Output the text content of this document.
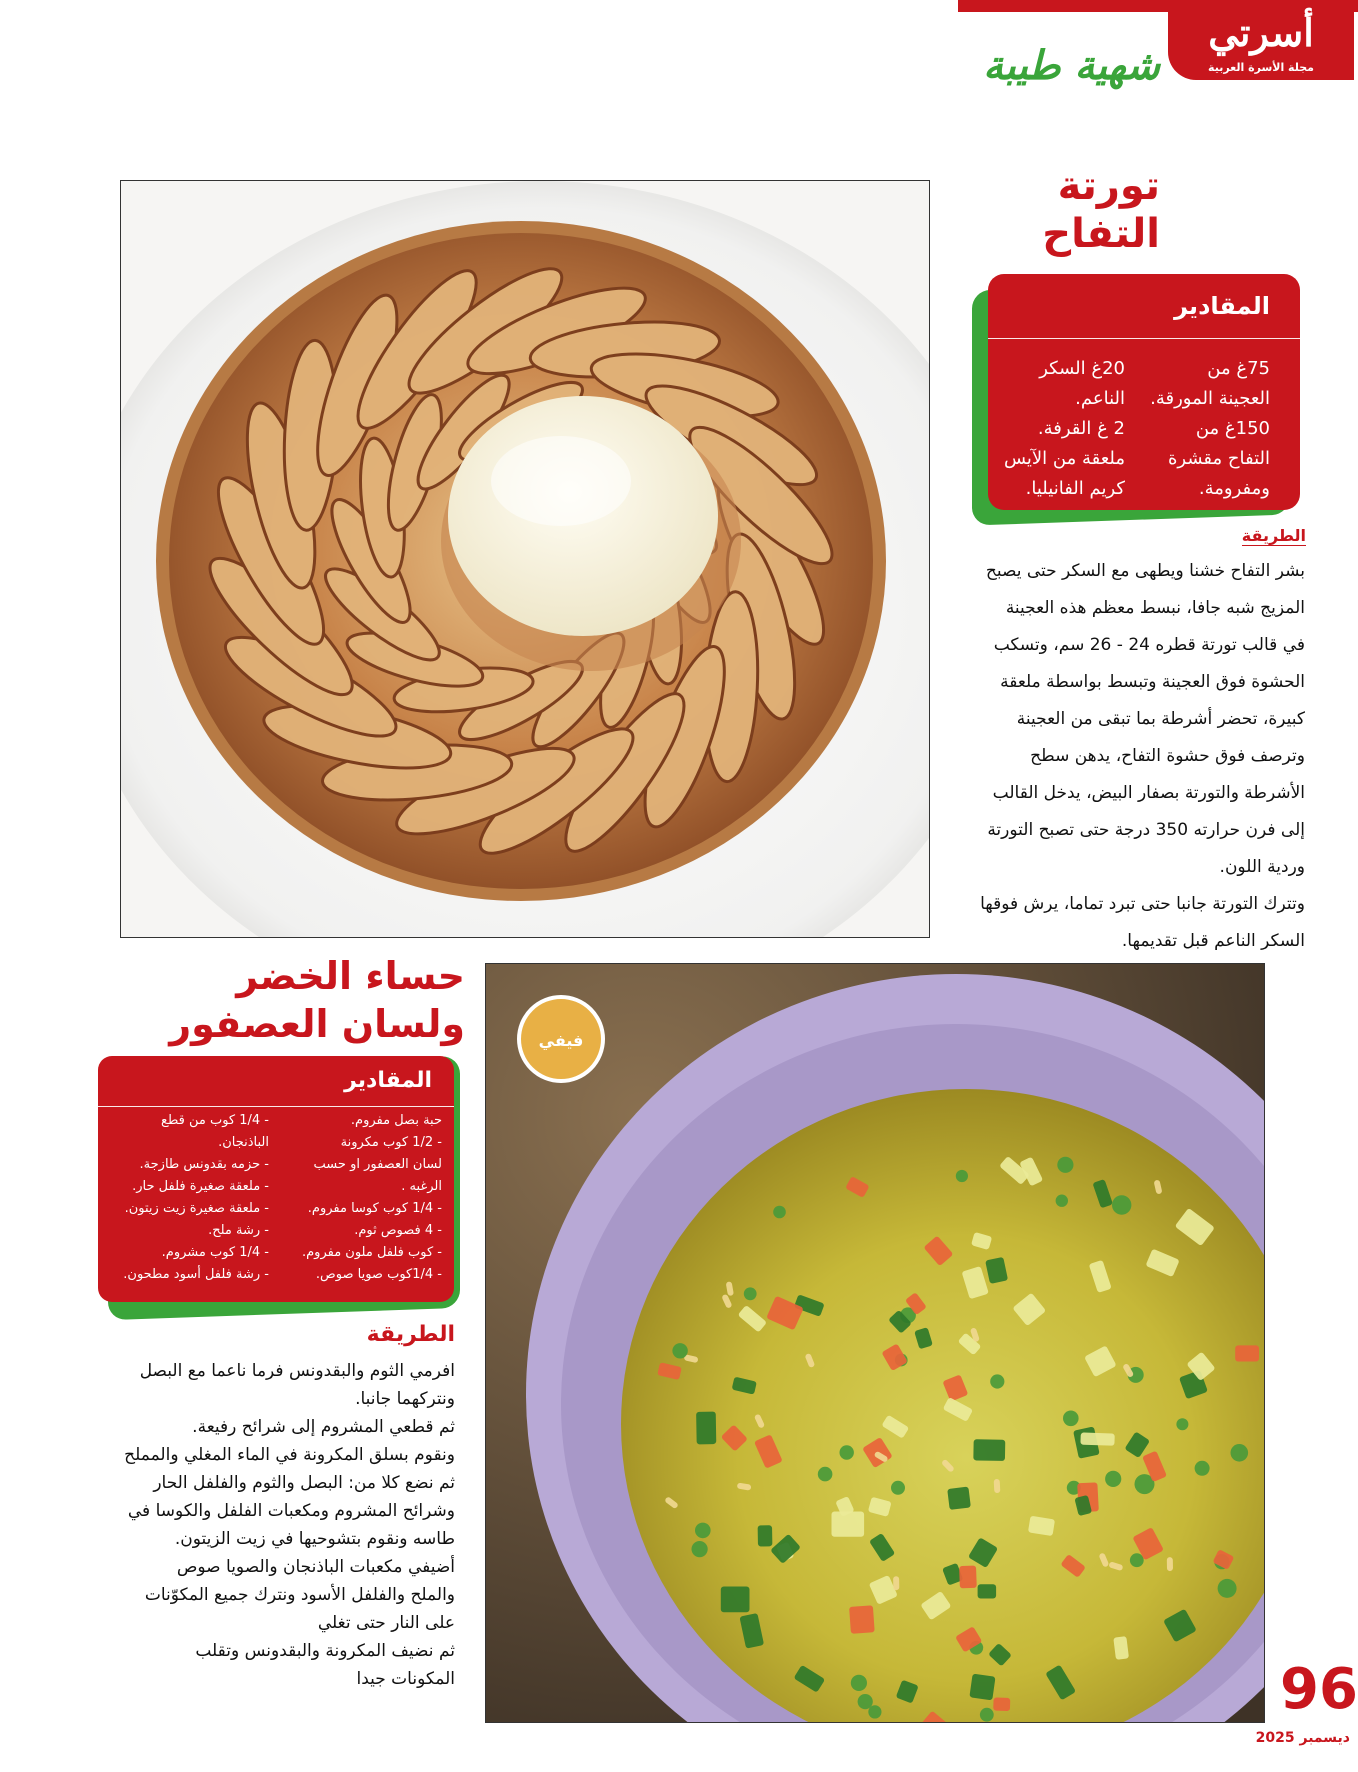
أسرتي
مجلة الأسرة العربية
شهية طيبة
تورتة التفاح
المقادير
75غ من
العجينة المورقة.
150غ من
التفاح مقشرة
ومفرومة.
20غ السكر
الناعم.
2 غ القرفة.
ملعقة من الآيس
كريم الفانيليا.
الطريقة

بشر التفاح خشنا ويطهى مع السكر حتى يصبح

المزيج شبه جافا، نبسط معظم هذه العجينة

في قالب تورتة قطره 24 - 26 سم، وتسكب

الحشوة فوق العجينة وتبسط بواسطة ملعقة

كبيرة، تحضر أشرطة بما تبقى من العجينة

وترصف فوق حشوة التفاح، يدهن سطح

الأشرطة والتورتة بصفار البيض، يدخل القالب

إلى فرن حرارته 350 درجة حتى تصبح التورتة

وردية اللون.

وتترك التورتة جانبا حتى تبرد تماما، يرش فوقها

السكر الناعم قبل تقديمها.

حساء الخضر ولسان العصفور
المقادير
حبة بصل مفروم.
- 1/2 كوب مكرونة
لسان العصفور او حسب
الرغبه .
- 1/4 كوب كوسا مفروم.
- 4 فصوص ثوم.
- كوب فلفل ملون مفروم.
- 1/4كوب صويا صوص.
- 1/4 كوب من قطع
الباذنجان.
- حزمه بقدونس طازجة.
- ملعقة صغيرة فلفل حار.
- ملعقة صغيرة زيت زيتون.
- رشة ملح.
- 1/4 كوب مشروم.
- رشة فلفل أسود مطحون.
الطريقة

افرمي الثوم والبقدونس فرما ناعما مع البصل

ونتركهما جانبا.

ثم قطعي المشروم إلى شرائح رفيعة.

ونقوم بسلق المكرونة في الماء المغلي والمملح

ثم نضع كلا من: البصل والثوم والفلفل الحار

وشرائح المشروم ومكعبات الفلفل والكوسا في

طاسه ونقوم بتشوحيها في زيت الزيتون.

أضيفي مكعبات الباذنجان والصويا صوص

والملح والفلفل الأسود ونترك جميع المكوّنات

على النار حتى تغلي

ثم نضيف المكرونة والبقدونس وتقلب

المكونات جيدا

فيفي
96
ديسمبر 2025
